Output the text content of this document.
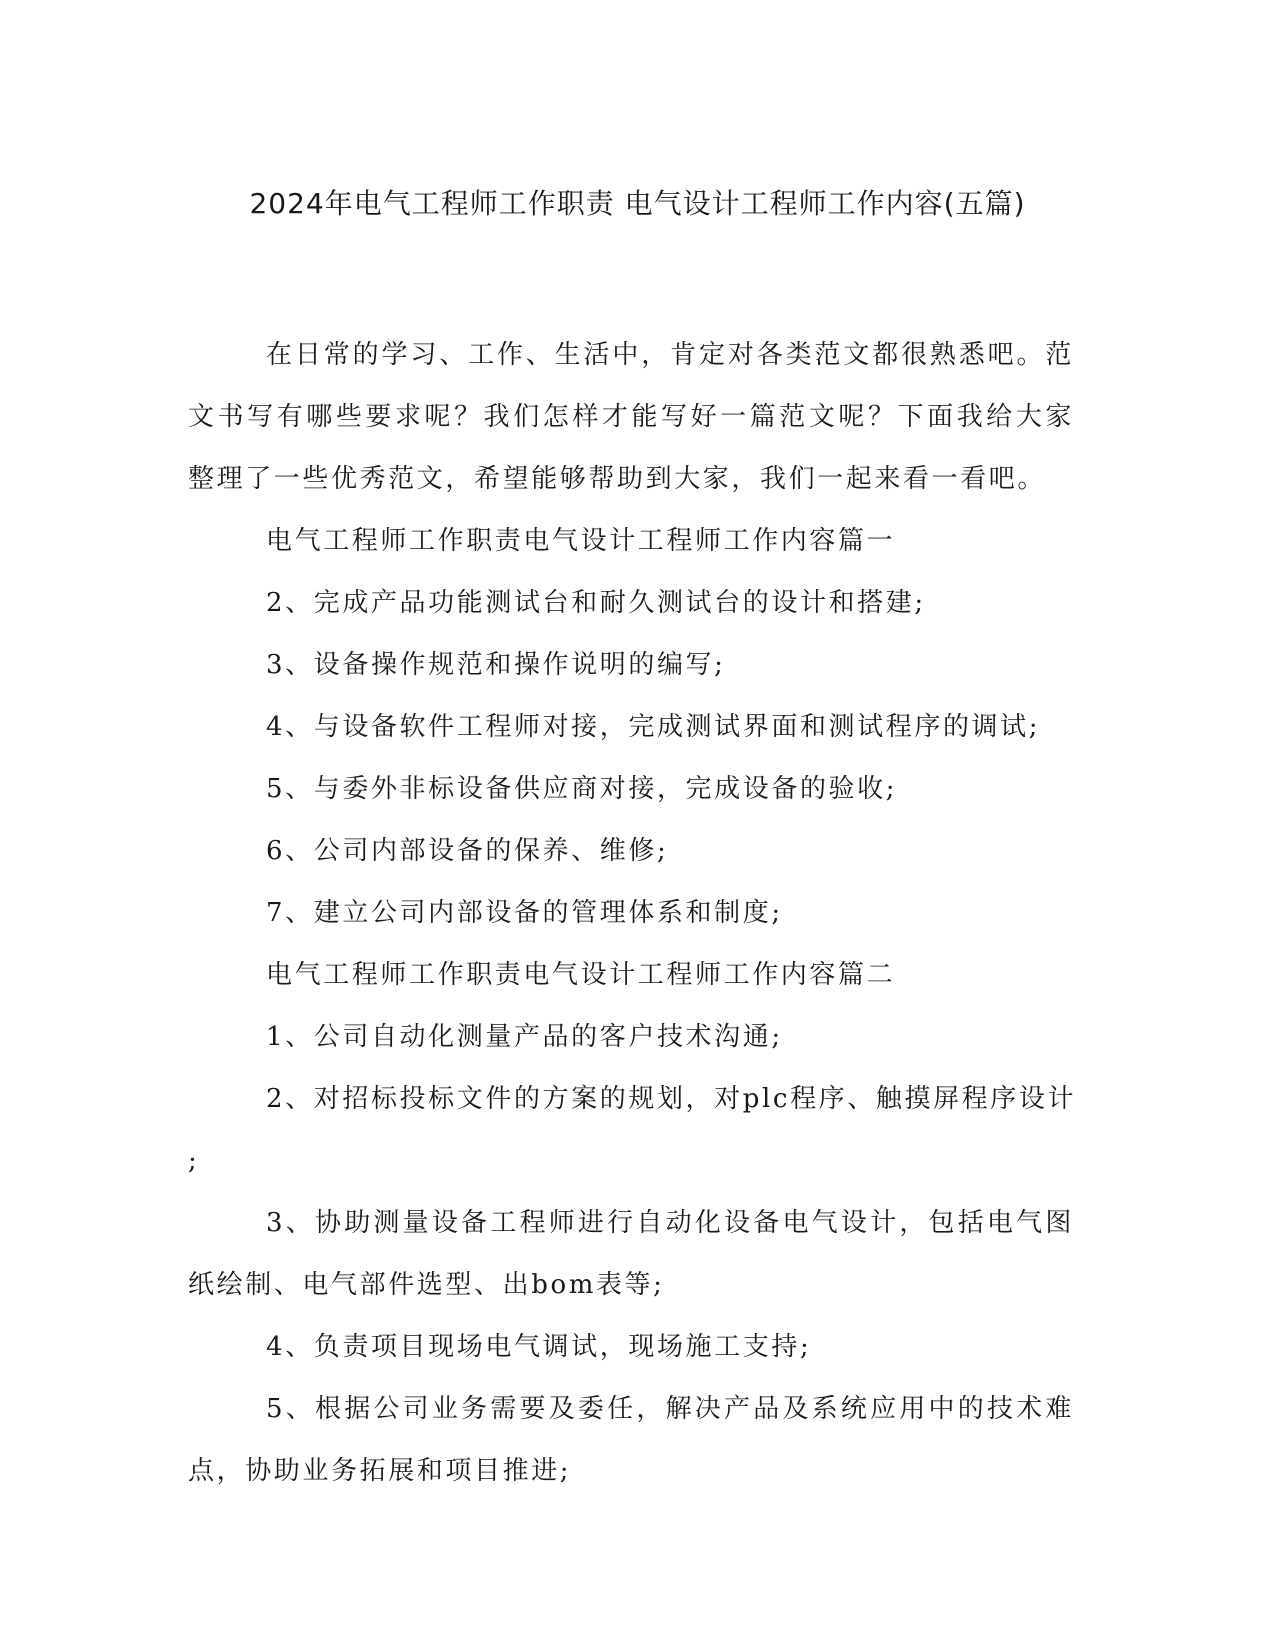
2024年电气工程师工作职责 电气设计工程师工作内容(五篇)

在日常的学习、工作、生活中，肯定对各类范文都很熟悉吧。范文书写有哪些要求呢？我们怎样才能写好一篇范文呢？下面我给大家整理了一些优秀范文，希望能够帮助到大家，我们一起来看一看吧。

电气工程师工作职责电气设计工程师工作内容篇一

2、完成产品功能测试台和耐久测试台的设计和搭建;

3、设备操作规范和操作说明的编写;

4、与设备软件工程师对接，完成测试界面和测试程序的调试;

5、与委外非标设备供应商对接，完成设备的验收;

6、公司内部设备的保养、维修;

7、建立公司内部设备的管理体系和制度;

电气工程师工作职责电气设计工程师工作内容篇二

1、公司自动化测量产品的客户技术沟通;

2、对招标投标文件的方案的规划，对plc程序、触摸屏程序设计

;

3、协助测量设备工程师进行自动化设备电气设计，包括电气图纸绘制、电气部件选型、出bom表等;

4、负责项目现场电气调试，现场施工支持;

5、根据公司业务需要及委任，解决产品及系统应用中的技术难点，协助业务拓展和项目推进;
